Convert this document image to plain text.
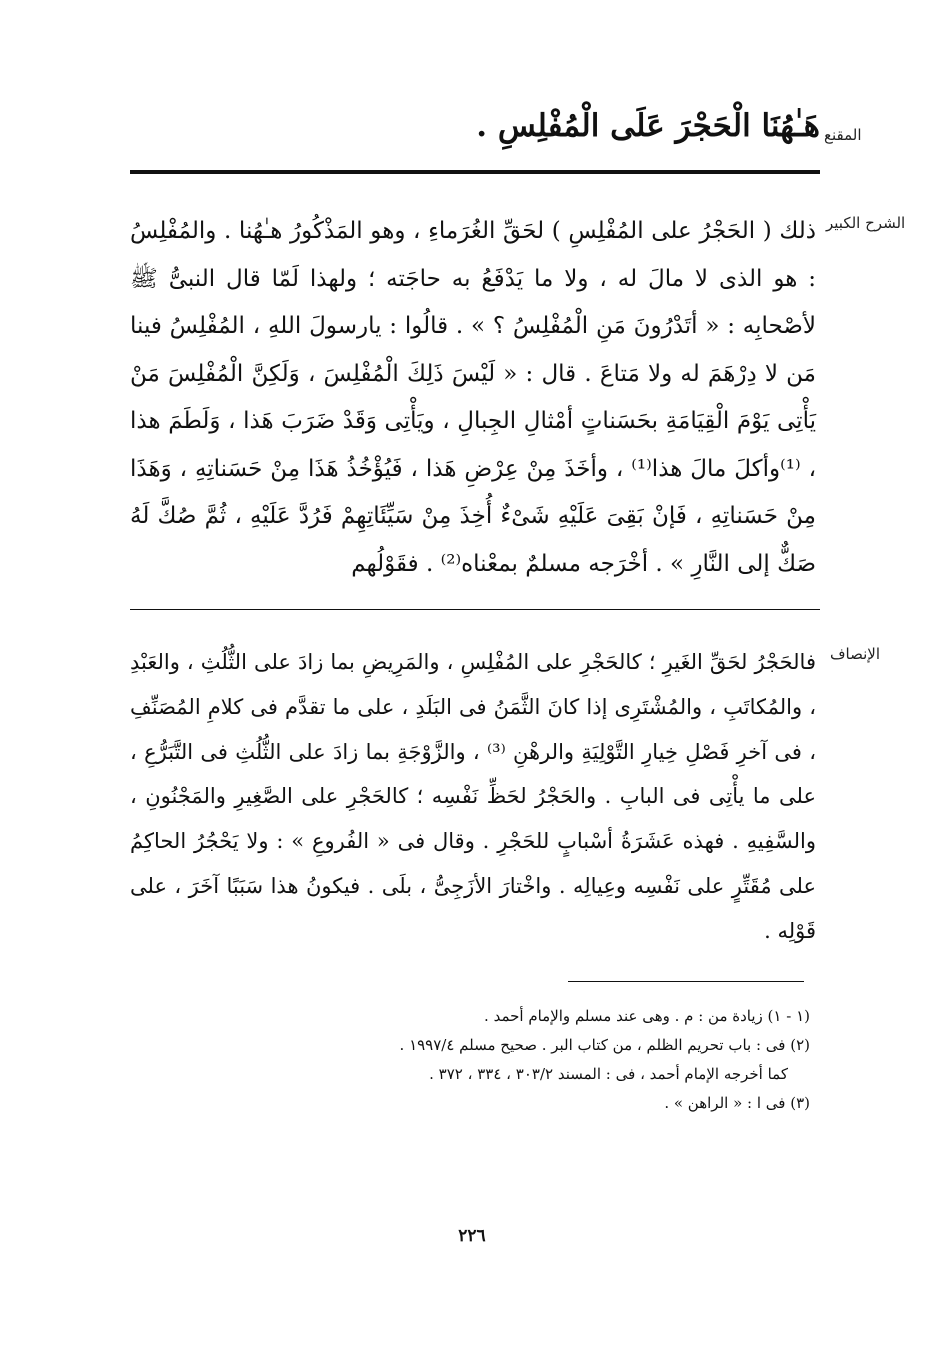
المقنع
هَـٰهُنَا الْحَجْرَ عَلَى الْمُفْلِسِ .
الشرح الكبير

ذلك ( الحَجْرُ على المُفْلِسِ ) لحَقِّ الغُرَماءِ ، وهو المَذْكُورُ هـٰهُنا . والمُفْلِسُ : هو الذى لا مالَ له ، ولا ما يَدْفَعُ به حاجَته ؛ ولهذا لَمّا قال النبىُّ ﷺ لأصْحابِه : « أتَدْرُونَ مَنِ الْمُفْلِسُ ؟ » . قالُوا : يارسولَ اللهِ ، المُفْلِسُ فينا مَن لا دِرْهَمَ له ولا مَتاعَ . قال : « لَيْسَ ذَلِكَ الْمُفْلِسَ ، وَلَكِنَّ الْمُفْلِسَ مَنْ يَأْتِى يَوْمَ الْقِيَامَةِ بحَسَناتٍ أمْثالِ الجِبالِ ، ويَأْتِى وَقَدْ ضَرَبَ هَذا ، وَلَطَمَ هذا ، ⁽¹⁾وأكلَ مالَ هذا⁽¹⁾ ، وأخَذَ مِنْ عِرْضِ هَذا ، فَيُؤْخُذُ هَذَا مِنْ حَسَناتِهِ ، وَهَذَا مِنْ حَسَناتِهِ ، فَإنْ بَقِىَ عَلَيْهِ شَىْءٌ أُخِذَ مِنْ سَيِّئَاتِهِمْ فَرُدَّ عَلَيْهِ ، ثُمَّ صُكَّ لَهُ صَكٌّ إلى النَّارِ » . أخْرَجه مسلمٌ بمعْناه⁽²⁾ . فقَوْلُهم

الإنصاف

فالحَجْرُ لحَقِّ الغَيرِ ؛ كالحَجْرِ على المُفْلِسِ ، والمَرِيضِ بما زادَ على الثُّلُثِ ، والعَبْدِ ، والمُكاتَبِ ، والمُشْتَرِى إذا كانَ الثَّمَنُ فى البَلَدِ ، على ما تقدَّم فى كلامِ المُصَنِّفِ ، فى آخرِ فَصْلِ خِيارِ التَّوْلِيَةِ والرهْنِ ⁽³⁾ ، والزَّوْجَةِ بما زادَ على الثُّلُثِ فى التَّبَرُّعِ ، على ما يأْتِى فى البابِ . والحَجْرُ لحَظِّ نَفْسِه ؛ كالحَجْرِ على الصَّغِيرِ والمَجْنُونِ ، والسَّفِيهِ . فهذه عَشَرَةُ أسْبابٍ للحَجْرِ . وقال فى « الفُروعِ » : ولا يَحْجُرُ الحاكِمُ على مُقَتِّرٍ على نَفْسِه وعِيالِه . واخْتارَ الأزَجِىُّ ، بلَى . فيكونُ هذا سَبَبًا آخَرَ ، على قَوْلِه .

(١ - ١) زيادة من : م . وهى عند مسلم والإمام أحمد .
(٢) فى : باب تحريم الظلم ، من كتاب البر . صحيح مسلم ١٩٩٧/٤ .
كما أخرجه الإمام أحمد ، فى : المسند ٣٠٣/٢ ، ٣٣٤ ، ٣٧٢ .
(٣) فى ا : « الراهن » .
٢٢٦
